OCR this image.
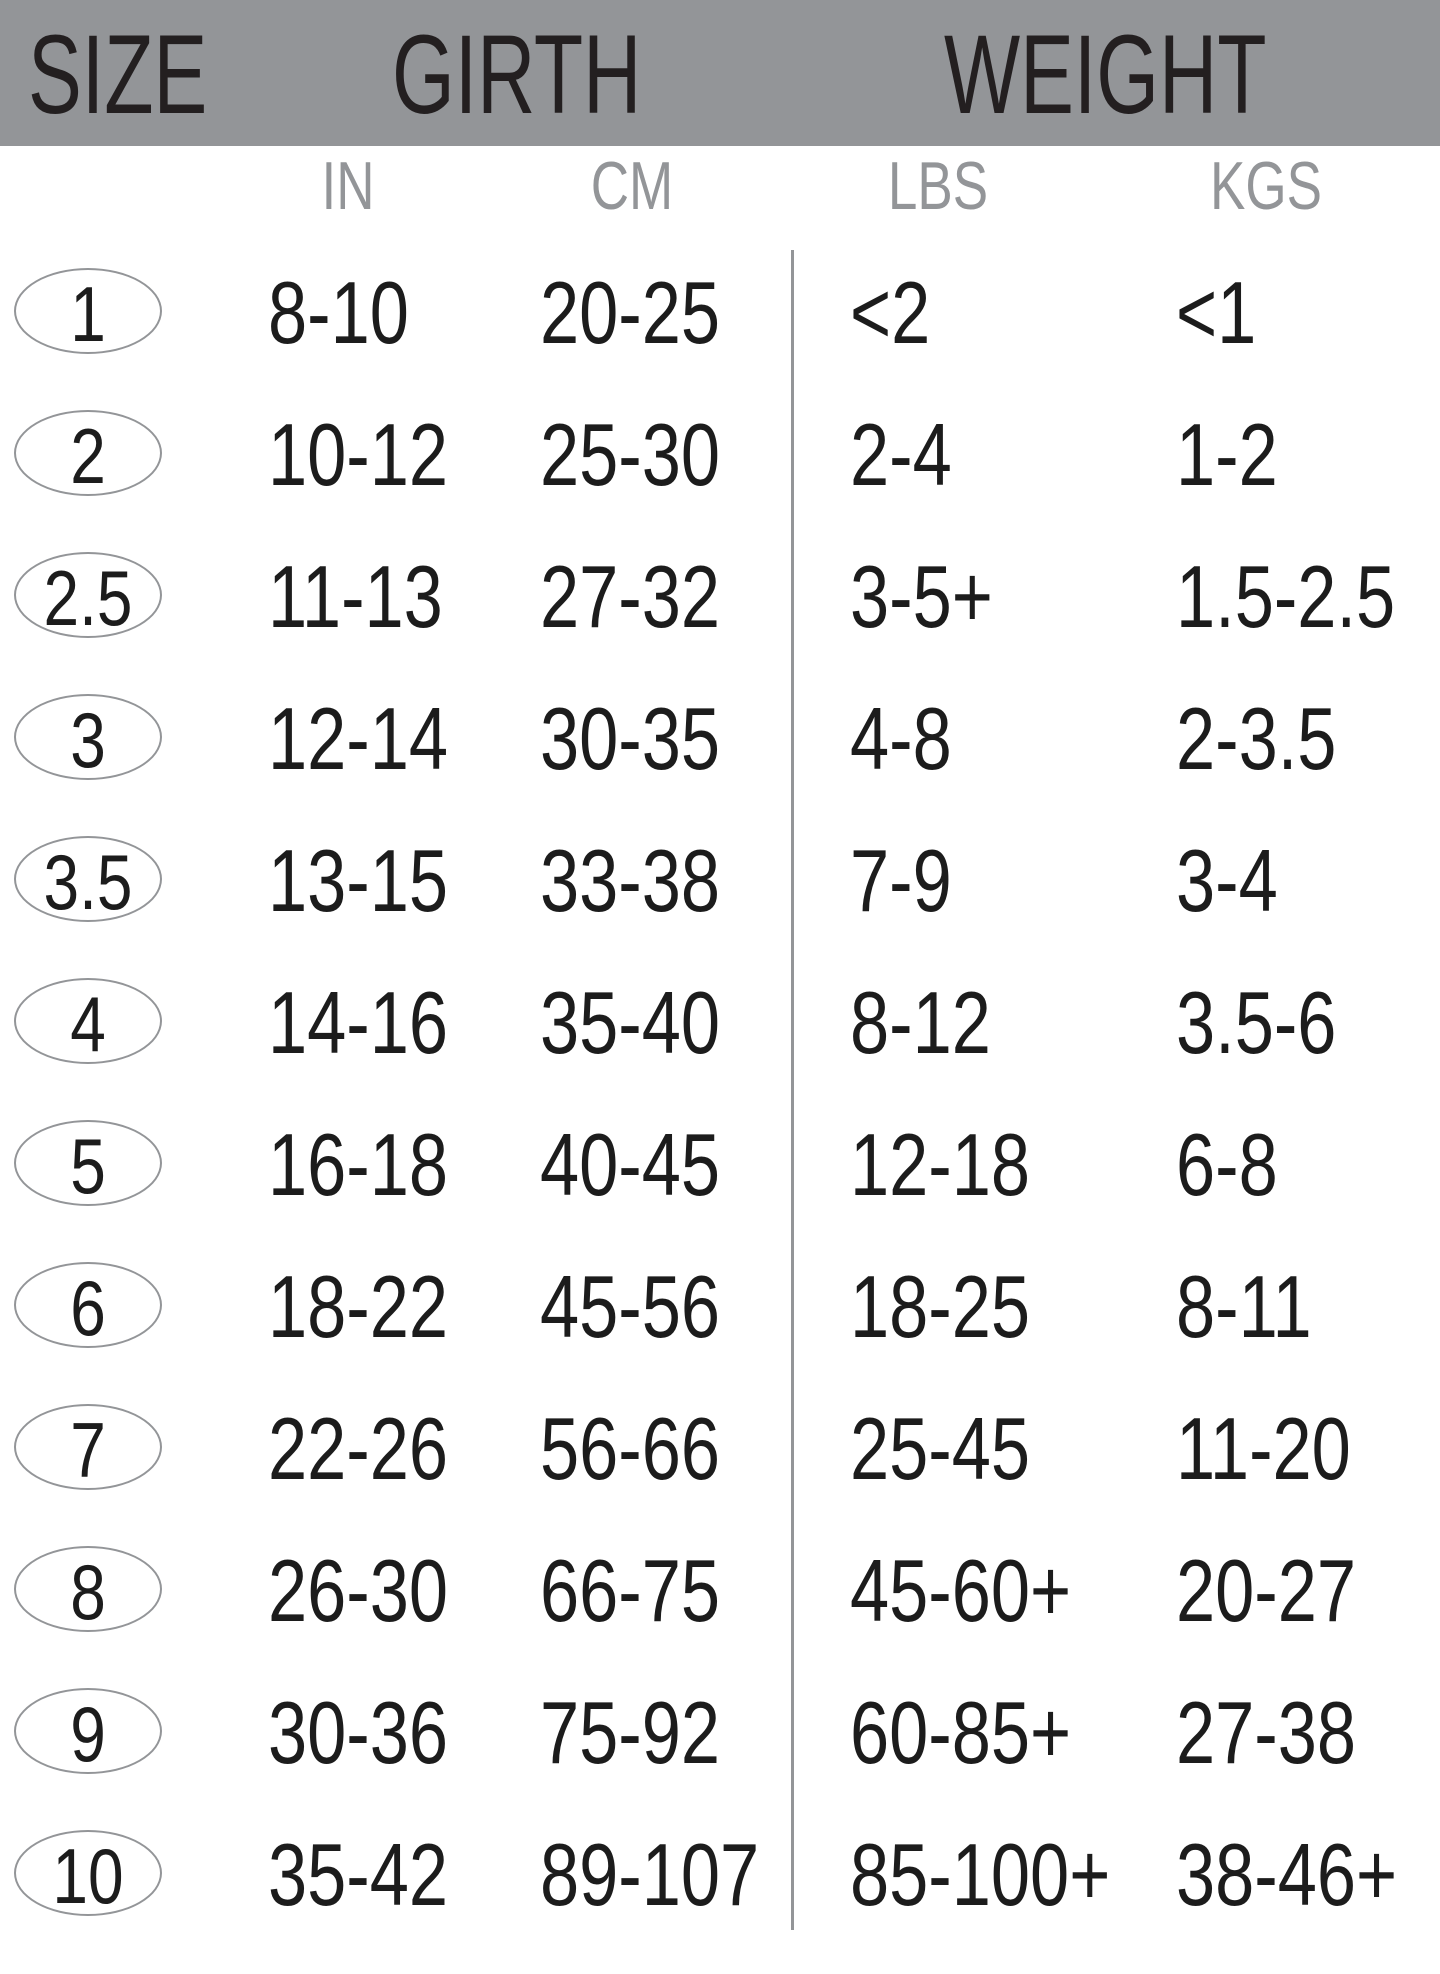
SIZE GIRTH	WEIGHT
IN	CM	LBS	KGS
1	8-10 20-25 <2	<1
2	10-12 25-30 2-4	1-2
2.5 11-13 27-32 3-5+ 1.5-2.5
3	12-14 30-35 4-8	2-3.5
3.5 13-15 33-38 7-9	3-4
4	14-16 35-40 8-12 3.5-6
5	16-18 40-45 12-18 6-8
6	18-22 45-56 18-25 8-11
7	22-26 56-66 25-45 11-20
8	26-30 66-75 45-60+ 20-27
9	30-36 75-92 60-85+ 27-38
10 35-42 89-107 85-100+ 38-46+
